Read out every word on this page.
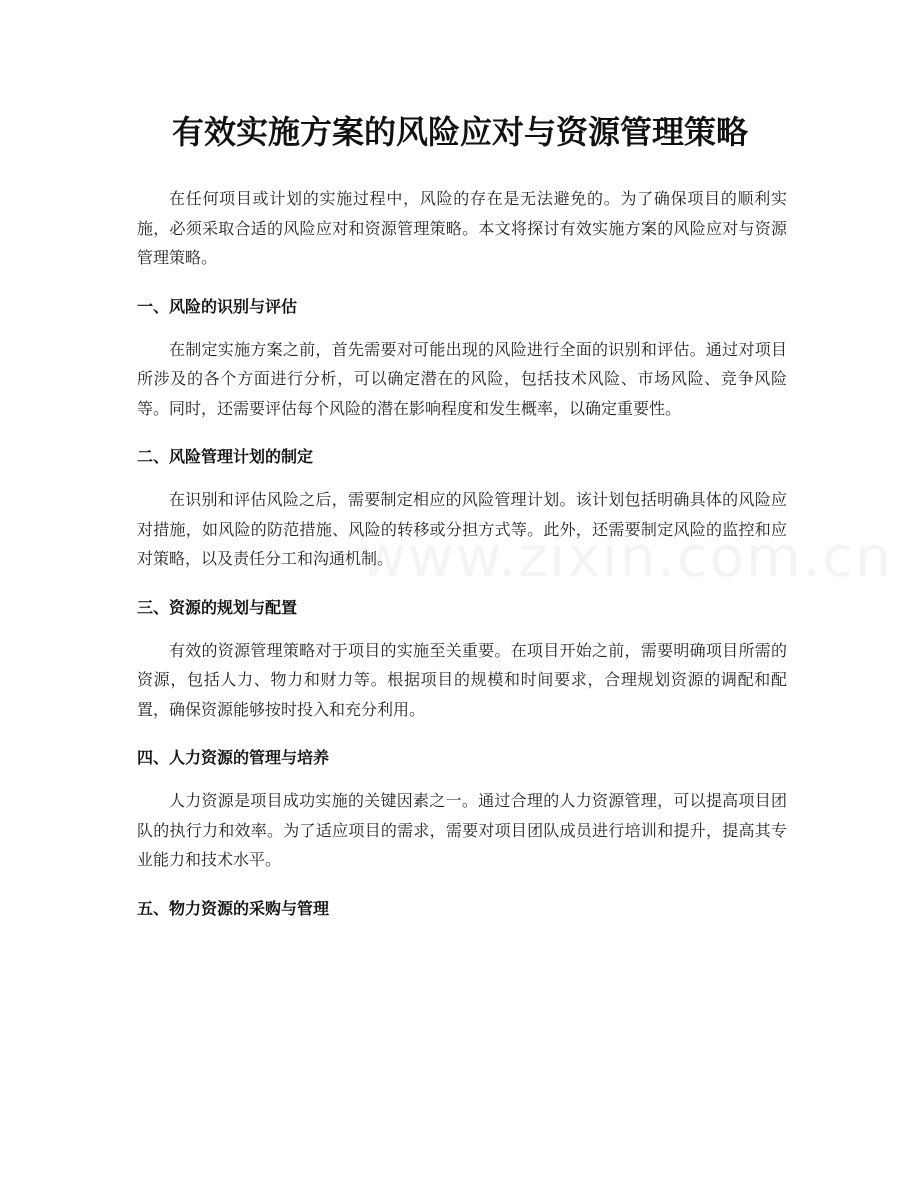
有效实施方案的风险应对与资源管理策略

在任何项目或计划的实施过程中，风险的存在是无法避免的。为了确保项目的顺利实施，必须采取合适的风险应对和资源管理策略。本文将探讨有效实施方案的风险应对与资源管理策略。

一、风险的识别与评估

在制定实施方案之前，首先需要对可能出现的风险进行全面的识别和评估。通过对项目所涉及的各个方面进行分析，可以确定潜在的风险，包括技术风险、市场风险、竞争风险等。同时，还需要评估每个风险的潜在影响程度和发生概率，以确定重要性。

二、风险管理计划的制定

在识别和评估风险之后，需要制定相应的风险管理计划。该计划包括明确具体的风险应对措施，如风险的防范措施、风险的转移或分担方式等。此外，还需要制定风险的监控和应对策略，以及责任分工和沟通机制。

三、资源的规划与配置

有效的资源管理策略对于项目的实施至关重要。在项目开始之前，需要明确项目所需的资源，包括人力、物力和财力等。根据项目的规模和时间要求，合理规划资源的调配和配置，确保资源能够按时投入和充分利用。

四、人力资源的管理与培养

人力资源是项目成功实施的关键因素之一。通过合理的人力资源管理，可以提高项目团队的执行力和效率。为了适应项目的需求，需要对项目团队成员进行培训和提升，提高其专业能力和技术水平。

五、物力资源的采购与管理
